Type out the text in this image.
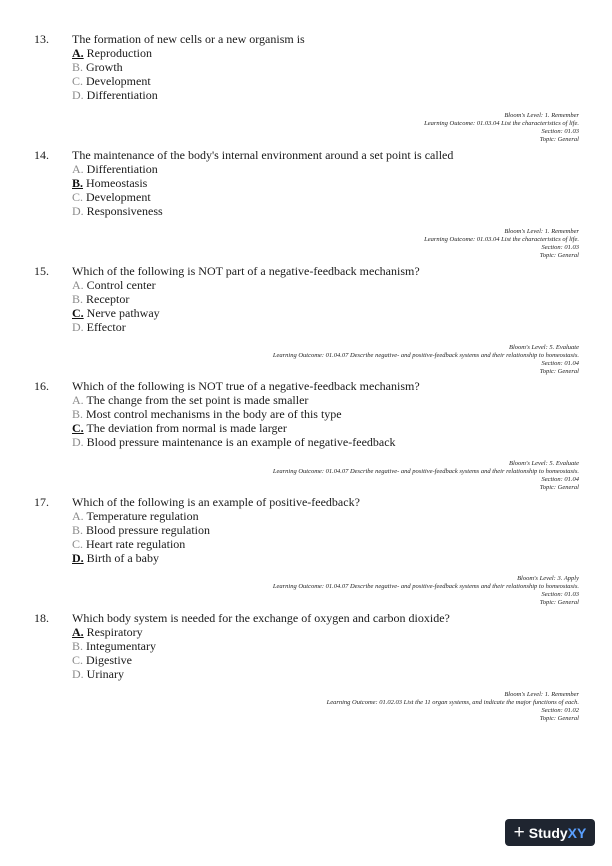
13. The formation of new cells or a new organism is
A. Reproduction
B. Growth
C. Development
D. Differentiation
Bloom's Level: 1. Remember
Learning Outcome: 01.03.04 List the characteristics of life.
Section: 01.03
Topic: General
14. The maintenance of the body's internal environment around a set point is called
A. Differentiation
B. Homeostasis
C. Development
D. Responsiveness
Bloom's Level: 1. Remember
Learning Outcome: 01.03.04 List the characteristics of life.
Section: 01.03
Topic: General
15. Which of the following is NOT part of a negative-feedback mechanism?
A. Control center
B. Receptor
C. Nerve pathway
D. Effector
Bloom's Level: 5. Evaluate
Learning Outcome: 01.04.07 Describe negative- and positive-feedback systems and their relationship to homeostasis.
Section: 01.04
Topic: General
16. Which of the following is NOT true of a negative-feedback mechanism?
A. The change from the set point is made smaller
B. Most control mechanisms in the body are of this type
C. The deviation from normal is made larger
D. Blood pressure maintenance is an example of negative-feedback
Bloom's Level: 5. Evaluate
Learning Outcome: 01.04.07 Describe negative- and positive-feedback systems and their relationship to homeostasis.
Section: 01.04
Topic: General
17. Which of the following is an example of positive-feedback?
A. Temperature regulation
B. Blood pressure regulation
C. Heart rate regulation
D. Birth of a baby
Bloom's Level: 3. Apply
Learning Outcome: 01.04.07 Describe negative- and positive-feedback systems and their relationship to homeostasis.
Section: 01.03
Topic: General
18. Which body system is needed for the exchange of oxygen and carbon dioxide?
A. Respiratory
B. Integumentary
C. Digestive
D. Urinary
Bloom's Level: 1. Remember
Learning Outcome: 01.02.03 List the 11 organ systems, and indicate the major functions of each.
Section: 01.02
Topic: General
+ Study XY
